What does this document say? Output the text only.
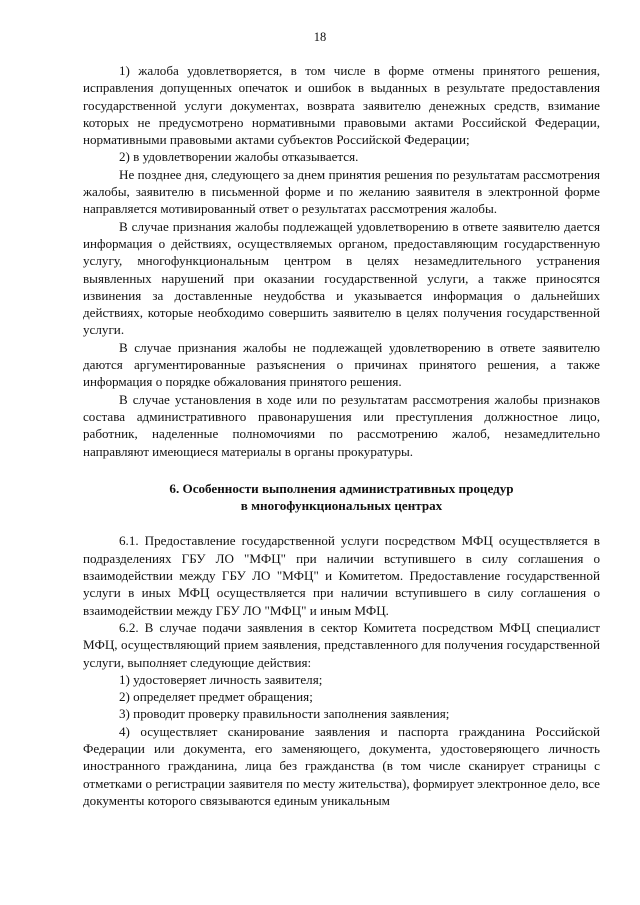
18

1) жалоба удовлетворяется, в том числе в форме отмены принятого решения, исправления допущенных опечаток и ошибок в выданных в результате предоставления государственной услуги документах, возврата заявителю денежных средств, взимание которых не предусмотрено нормативными правовыми актами Российской Федерации, нормативными правовыми актами субъектов Российской Федерации;

2) в удовлетворении жалобы отказывается.

Не позднее дня, следующего за днем принятия решения по результатам рассмотрения жалобы, заявителю в письменной форме и по желанию заявителя в электронной форме направляется мотивированный ответ о результатах рассмотрения жалобы.

В случае признания жалобы подлежащей удовлетворению в ответе заявителю дается информация о действиях, осуществляемых органом, предоставляющим государственную услугу, многофункциональным центром в целях незамедлительного устранения выявленных нарушений при оказании государственной услуги, а также приносятся извинения за доставленные неудобства и указывается информация о дальнейших действиях, которые необходимо совершить заявителю в целях получения государственной услуги.

В случае признания жалобы не подлежащей удовлетворению в ответе заявителю даются аргументированные разъяснения о причинах принятого решения, а также информация о порядке обжалования принятого решения.

В случае установления в ходе или по результатам рассмотрения жалобы признаков состава административного правонарушения или преступления должностное лицо, работник, наделенные полномочиями по рассмотрению жалоб, незамедлительно направляют имеющиеся материалы в органы прокуратуры.

6. Особенности выполнения административных процедур
в многофункциональных центрах

6.1. Предоставление государственной услуги посредством МФЦ осуществляется в подразделениях ГБУ ЛО "МФЦ" при наличии вступившего в силу соглашения о взаимодействии между ГБУ ЛО "МФЦ" и Комитетом. Предоставление государственной услуги в иных МФЦ осуществляется при наличии вступившего в силу соглашения о взаимодействии между ГБУ ЛО "МФЦ" и иным МФЦ.

6.2. В случае подачи заявления в сектор Комитета посредством МФЦ специалист МФЦ, осуществляющий прием заявления, представленного для получения государственной услуги, выполняет следующие действия:

1) удостоверяет личность заявителя;

2) определяет предмет обращения;

3) проводит проверку правильности заполнения заявления;

4) осуществляет сканирование заявления и паспорта гражданина Российской Федерации или документа, его заменяющего, документа, удостоверяющего личность иностранного гражданина, лица без гражданства (в том числе сканирует страницы с отметками о регистрации заявителя по месту жительства), формирует электронное дело, все документы которого связываются единым уникальным
